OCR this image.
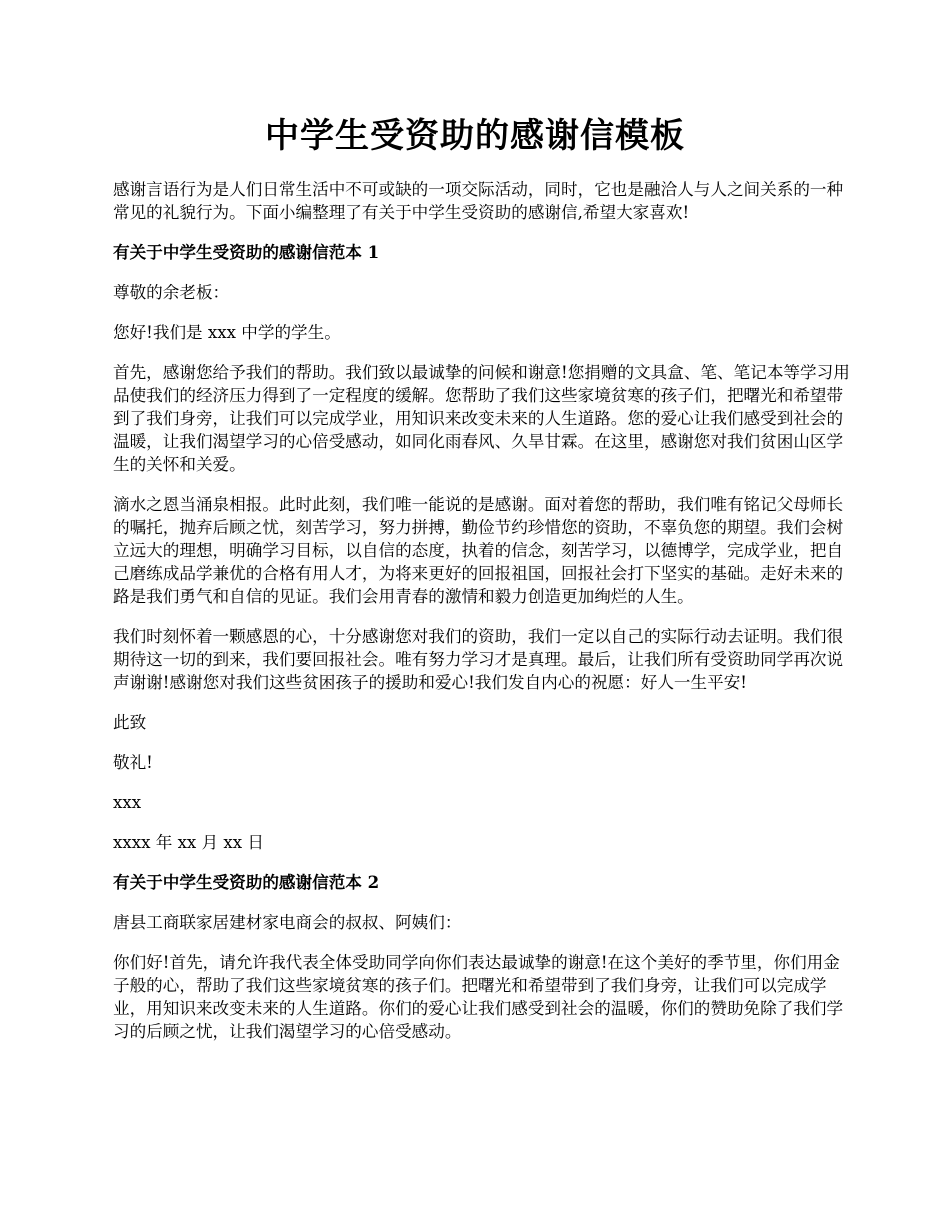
中学生受资助的感谢信模板

感谢言语行为是人们日常生活中不可或缺的一项交际活动，同时，它也是融洽人与人之间关系的一种常见的礼貌行为。下面小编整理了有关于中学生受资助的感谢信,希望大家喜欢!

有关于中学生受资助的感谢信范本 1

尊敬的余老板：

您好!我们是 xxx 中学的学生。

首先，感谢您给予我们的帮助。我们致以最诚挚的问候和谢意!您捐赠的文具盒、笔、笔记本等学习用品使我们的经济压力得到了一定程度的缓解。您帮助了我们这些家境贫寒的孩子们，把曙光和希望带到了我们身旁，让我们可以完成学业，用知识来改变未来的人生道路。您的爱心让我们感受到社会的温暖，让我们渴望学习的心倍受感动，如同化雨春风、久旱甘霖。在这里，感谢您对我们贫困山区学生的关怀和关爱。

滴水之恩当涌泉相报。此时此刻，我们唯一能说的是感谢。面对着您的帮助，我们唯有铭记父母师长的嘱托，抛弃后顾之忧，刻苦学习，努力拼搏，勤俭节约珍惜您的资助，不辜负您的期望。我们会树立远大的理想，明确学习目标，以自信的态度，执着的信念，刻苦学习，以德博学，完成学业，把自己磨练成品学兼优的合格有用人才，为将来更好的回报祖国，回报社会打下坚实的基础。走好未来的路是我们勇气和自信的见证。我们会用青春的激情和毅力创造更加绚烂的人生。

我们时刻怀着一颗感恩的心，十分感谢您对我们的资助，我们一定以自己的实际行动去证明。我们很期待这一切的到来，我们要回报社会。唯有努力学习才是真理。最后，让我们所有受资助同学再次说声谢谢!感谢您对我们这些贫困孩子的援助和爱心!我们发自内心的祝愿：好人一生平安!

此致

敬礼!

xxx

xxxx 年 xx 月 xx 日

有关于中学生受资助的感谢信范本 2

唐县工商联家居建材家电商会的叔叔、阿姨们：

你们好!首先，请允许我代表全体受助同学向你们表达最诚挚的谢意!在这个美好的季节里，你们用金子般的心，帮助了我们这些家境贫寒的孩子们。把曙光和希望带到了我们身旁，让我们可以完成学业，用知识来改变未来的人生道路。你们的爱心让我们感受到社会的温暖，你们的赞助免除了我们学习的后顾之忧，让我们渴望学习的心倍受感动。
